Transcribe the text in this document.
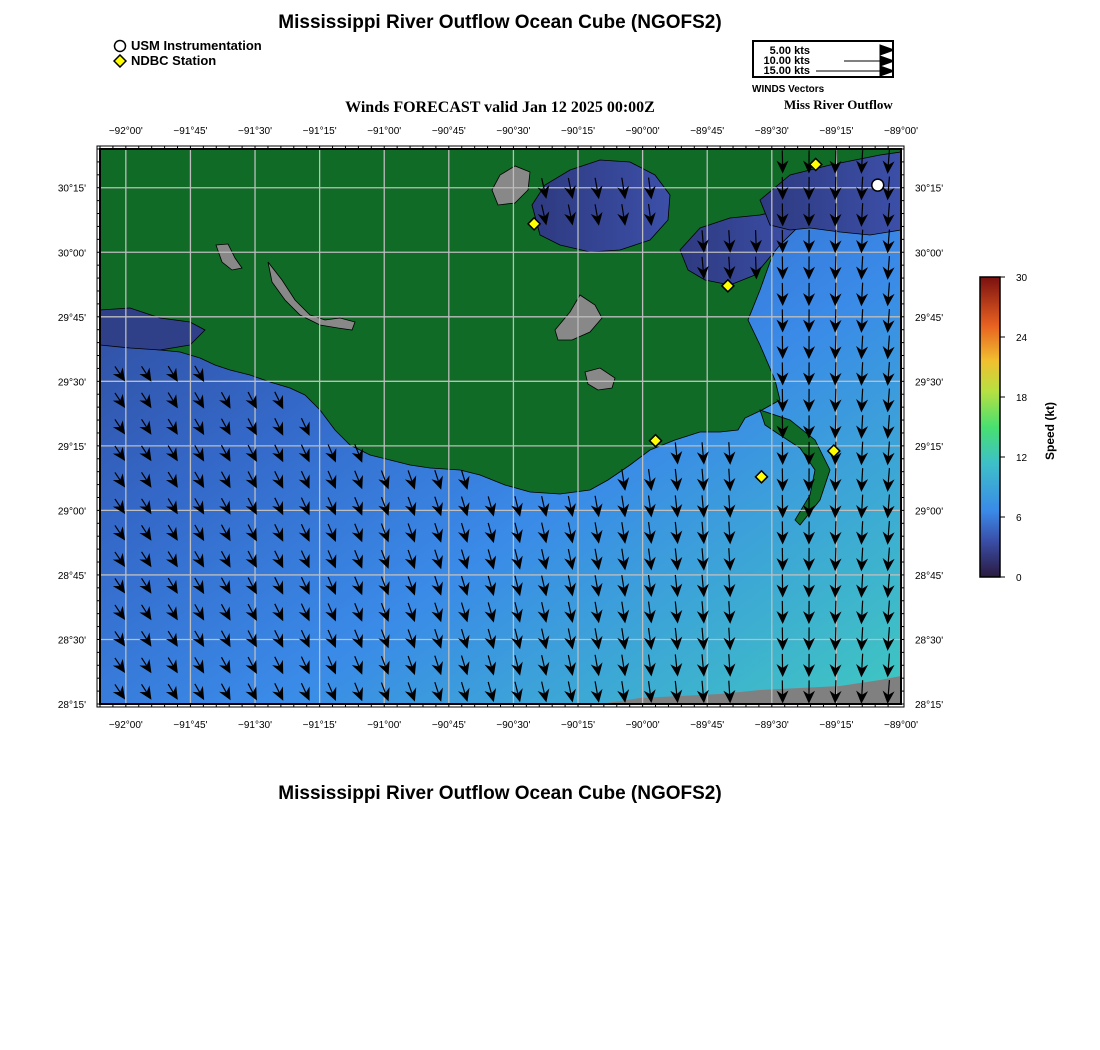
Mississippi River Outflow Ocean Cube (NGOFS2)
USM Instrumentation
NDBC Station
5.00 kts
10.00 kts
15.00 kts
WINDS Vectors
Miss River Outflow
Winds FORECAST valid Jan 12 2025 00:00Z
−92°00'	−91°45'	−91°30'	−91°15'	−91°00'	−90°45'	−90°30'	−90°15'	−90°00'	−89°45'	−89°30'	−89°15'	−89°00'
−92°00'	−91°45'	−91°30'	−91°15'	−91°00'	−90°45'	−90°30'	−90°15'	−90°00'	−89°45'	−89°30'	−89°15'	−89°00'
30°15'
30°00'
29°45'
29°30'
29°15'
29°00'
28°45'
28°30'
28°15'
30°15'
30°00'
29°45'
29°30'
29°15'
29°00'
28°45'
28°30'
28°15'
0
6
12
18
24
30
Speed (kt)
Mississippi River Outflow Ocean Cube (NGOFS2)
